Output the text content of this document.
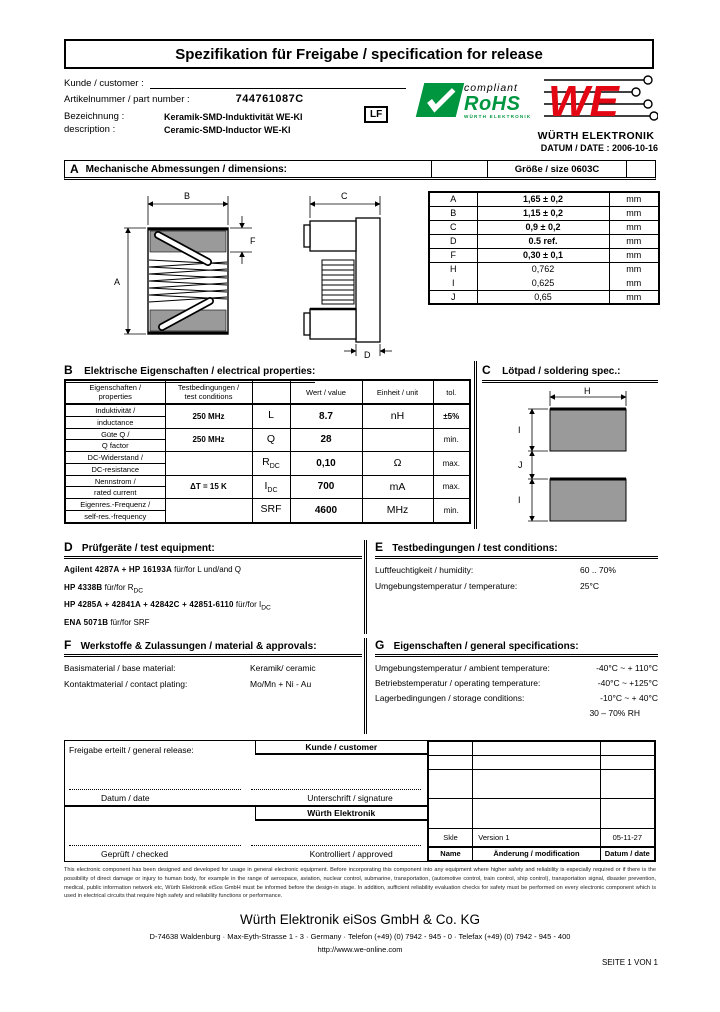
Spezifikation für Freigabe / specification for release
Kunde / customer :
Artikelnummer / part number :	744761087C
LF
Bezeichnung :	Keramik-SMD-Induktivität WE-KI
description :	Ceramic-SMD-Inductor WE-KI
compliant
RoHS
WÜRTH ELEKTRONIK WE
WÜRTH ELEKTRONIK
DATUM / DATE : 2006-10-16
A Mechanische Abmessungen / dimensions:	Größe / size 0603C
B
A
F
C
D
A	1,65 ± 0,2	mm
B	1,15 ± 0,2	mm
C	0,9 ± 0,2	mm
D	0.5 ref.	mm
F	0,30 ± 0,1	mm
H	0,762	mm
I	0,625	mm
J	0,65	mm
B Elektrische Eigenschaften / electrical properties:
Eigenschaften /
properties

Testbedingungen /
test conditions		Wert / value	Einheit / unit	tol.

Induktivität /
inductance	250 MHz	L	8.7	nH	±5%

Güte Q /
Q factor	250 MHz	Q	28		min.

DC-Widerstand /
DC-resistance		$R_{DC}$	0,10	Ω	max.

Nennstrom /
rated current	ΔT = 15 K	$I_{DC}$	700	mA	max.

Eigenres.-Frequenz /
self-res.-frequency		SRF	4600	MHz	min.
C Lötpad / soldering spec.:
H
I
J
I
D Prüfgeräte / test equipment:
Agilent 4287A + HP 16193A für/for L und/and Q
HP 4338B für/for $R_{DC}$
HP 4285A + 42841A + 42842C + 42851-6110 für/for $I_{DC}$
ENA 5071B für/for SRF
E Testbedingungen / test conditions:
Luftfeuchtigkeit / humidity:	60 .. 70%
Umgebungstemperatur / temperature:	25°C
F Werkstoffe & Zulassungen / material & approvals:
Basismaterial / base material:	Keramik/ ceramic
Kontaktmaterial / contact plating:	Mo/Mn + Ni - Au
G Eigenschaften / general specifications:
Umgebungstemperatur / ambient temperature:	-40°C ~ + 110°C
Betriebstemperatur / operating temperature:	-40°C ~ +125°C
Lagerbedingungen / storage conditions:	-10°C ~ + 40°C
30 – 70% RH
Freigabe erteilt / general release:	Kunde / customer
Datum / date	Unterschrift / signature
Würth Elektronik
Geprüft / checked	Kontrolliert / approved

Skle	Version 1	05-11-27
Name	Änderung / modification	Datum / date
This electronic component has been designed and developed for usage in general electronic equipment. Before incorporating this component into any equipment where higher safety and reliability is especially required or if there is the possibility of direct damage or injury to human body, for example in the range of aerospace, aviation, nuclear control, submarine, transportation, (automotive control, train control, ship control), transportation signal, disaster prevention, medical, public information network etc, Würth Elektronik eiSos GmbH must be informed before the design-in stage. In addition, sufficient reliability evaluation checks for safety must be performed on every electronic component which is used in electrical circuits that require high safety and reliability functions or performance.
Würth Elektronik eiSos GmbH & Co. KG
D-74638 Waldenburg · Max-Eyth-Strasse 1 - 3 · Germany · Telefon (+49) (0) 7942 - 945 - 0 · Telefax (+49) (0) 7942 - 945 - 400
http://www.we-online.com
SEITE 1 VON 1
